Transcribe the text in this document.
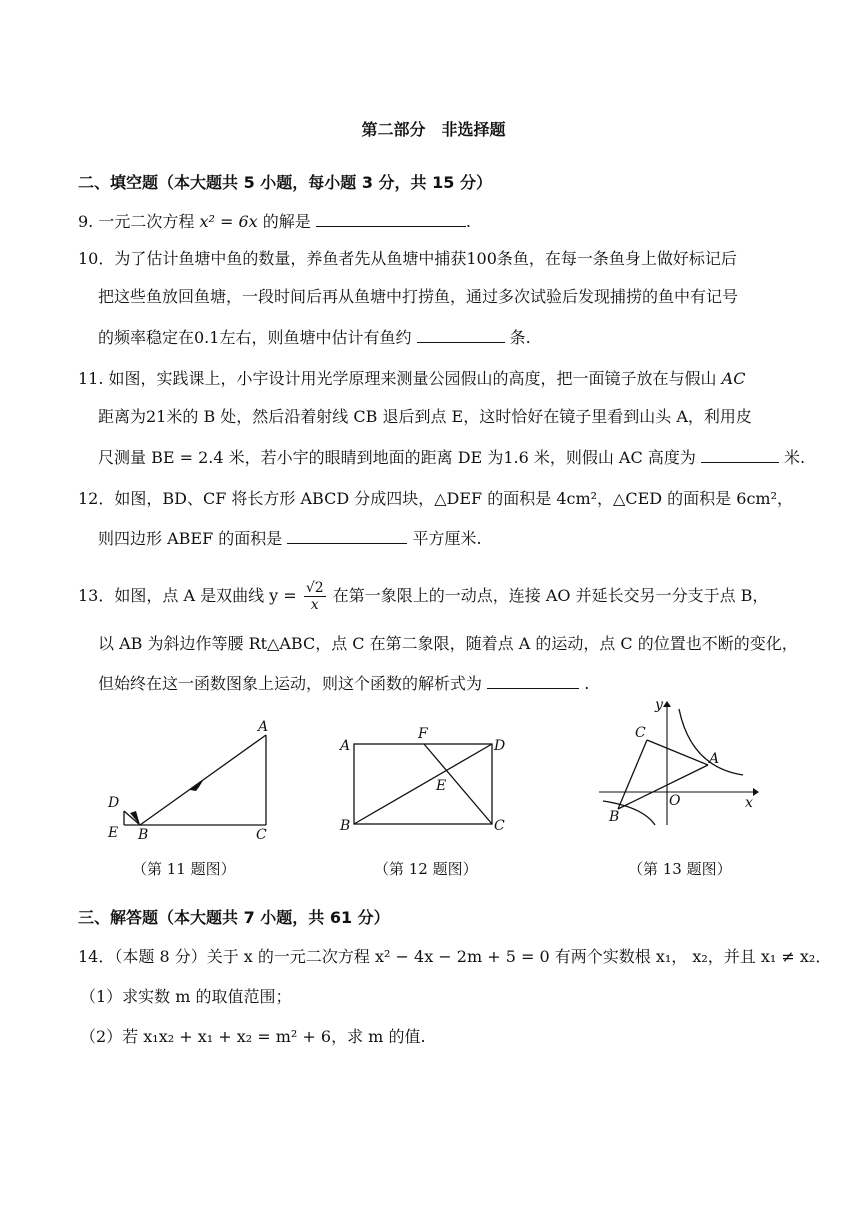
第二部分　非选择题
二、填空题（本大题共 5 小题，每小题 3 分，共 15 分）
9. 一元二次方程 x² = 6x 的解是	.
10．为了估计鱼塘中鱼的数量，养鱼者先从鱼塘中捕获100条鱼，在每一条鱼身上做好标记后
把这些鱼放回鱼塘，一段时间后再从鱼塘中打捞鱼，通过多次试验后发现捕捞的鱼中有记号
的频率稳定在0.1左右，则鱼塘中估计有鱼约	条.
11. 如图，实践课上，小宇设计用光学原理来测量公园假山的高度，把一面镜子放在与假山 AC
距离为21米的 B 处，然后沿着射线 CB 退后到点 E，这时恰好在镜子里看到山头 A，利用皮
尺测量 BE = 2.4 米，若小宇的眼睛到地面的距离 DE 为1.6 米，则假山 AC 高度为	米.
12．如图，BD、CF 将长方形 ABCD 分成四块，△DEF 的面积是 4cm²，△CED 的面积是 6cm²，
则四边形 ABEF 的面积是	平方厘米.
13．如图，点 A 是双曲线 $y = \frac{√2}{x}$ 在第一象限上的一动点，连接 AO 并延长交另一分支于点 B，
以 AB 为斜边作等腰 Rt△ABC，点 C 在第二象限，随着点 A 的运动，点 C 的位置也不断的变化，
但始终在这一函数图象上运动，则这个函数的解析式为	.
A
B	C
D
E
A
B	C
D
E
F
A
B
C
O	x
y
（第 11 题图）	（第 12 题图）	（第 13 题图）
三、解答题（本大题共 7 小题，共 61 分）
14．（本题 8 分）关于 x 的一元二次方程 x² − 4x − 2m + 5 = 0 有两个实数根 x₁， x₂，并且 x₁ ≠ x₂．
（1）求实数 m 的取值范围；
（2）若 x₁x₂ + x₁ + x₂ = m² + 6，求 m 的值.
